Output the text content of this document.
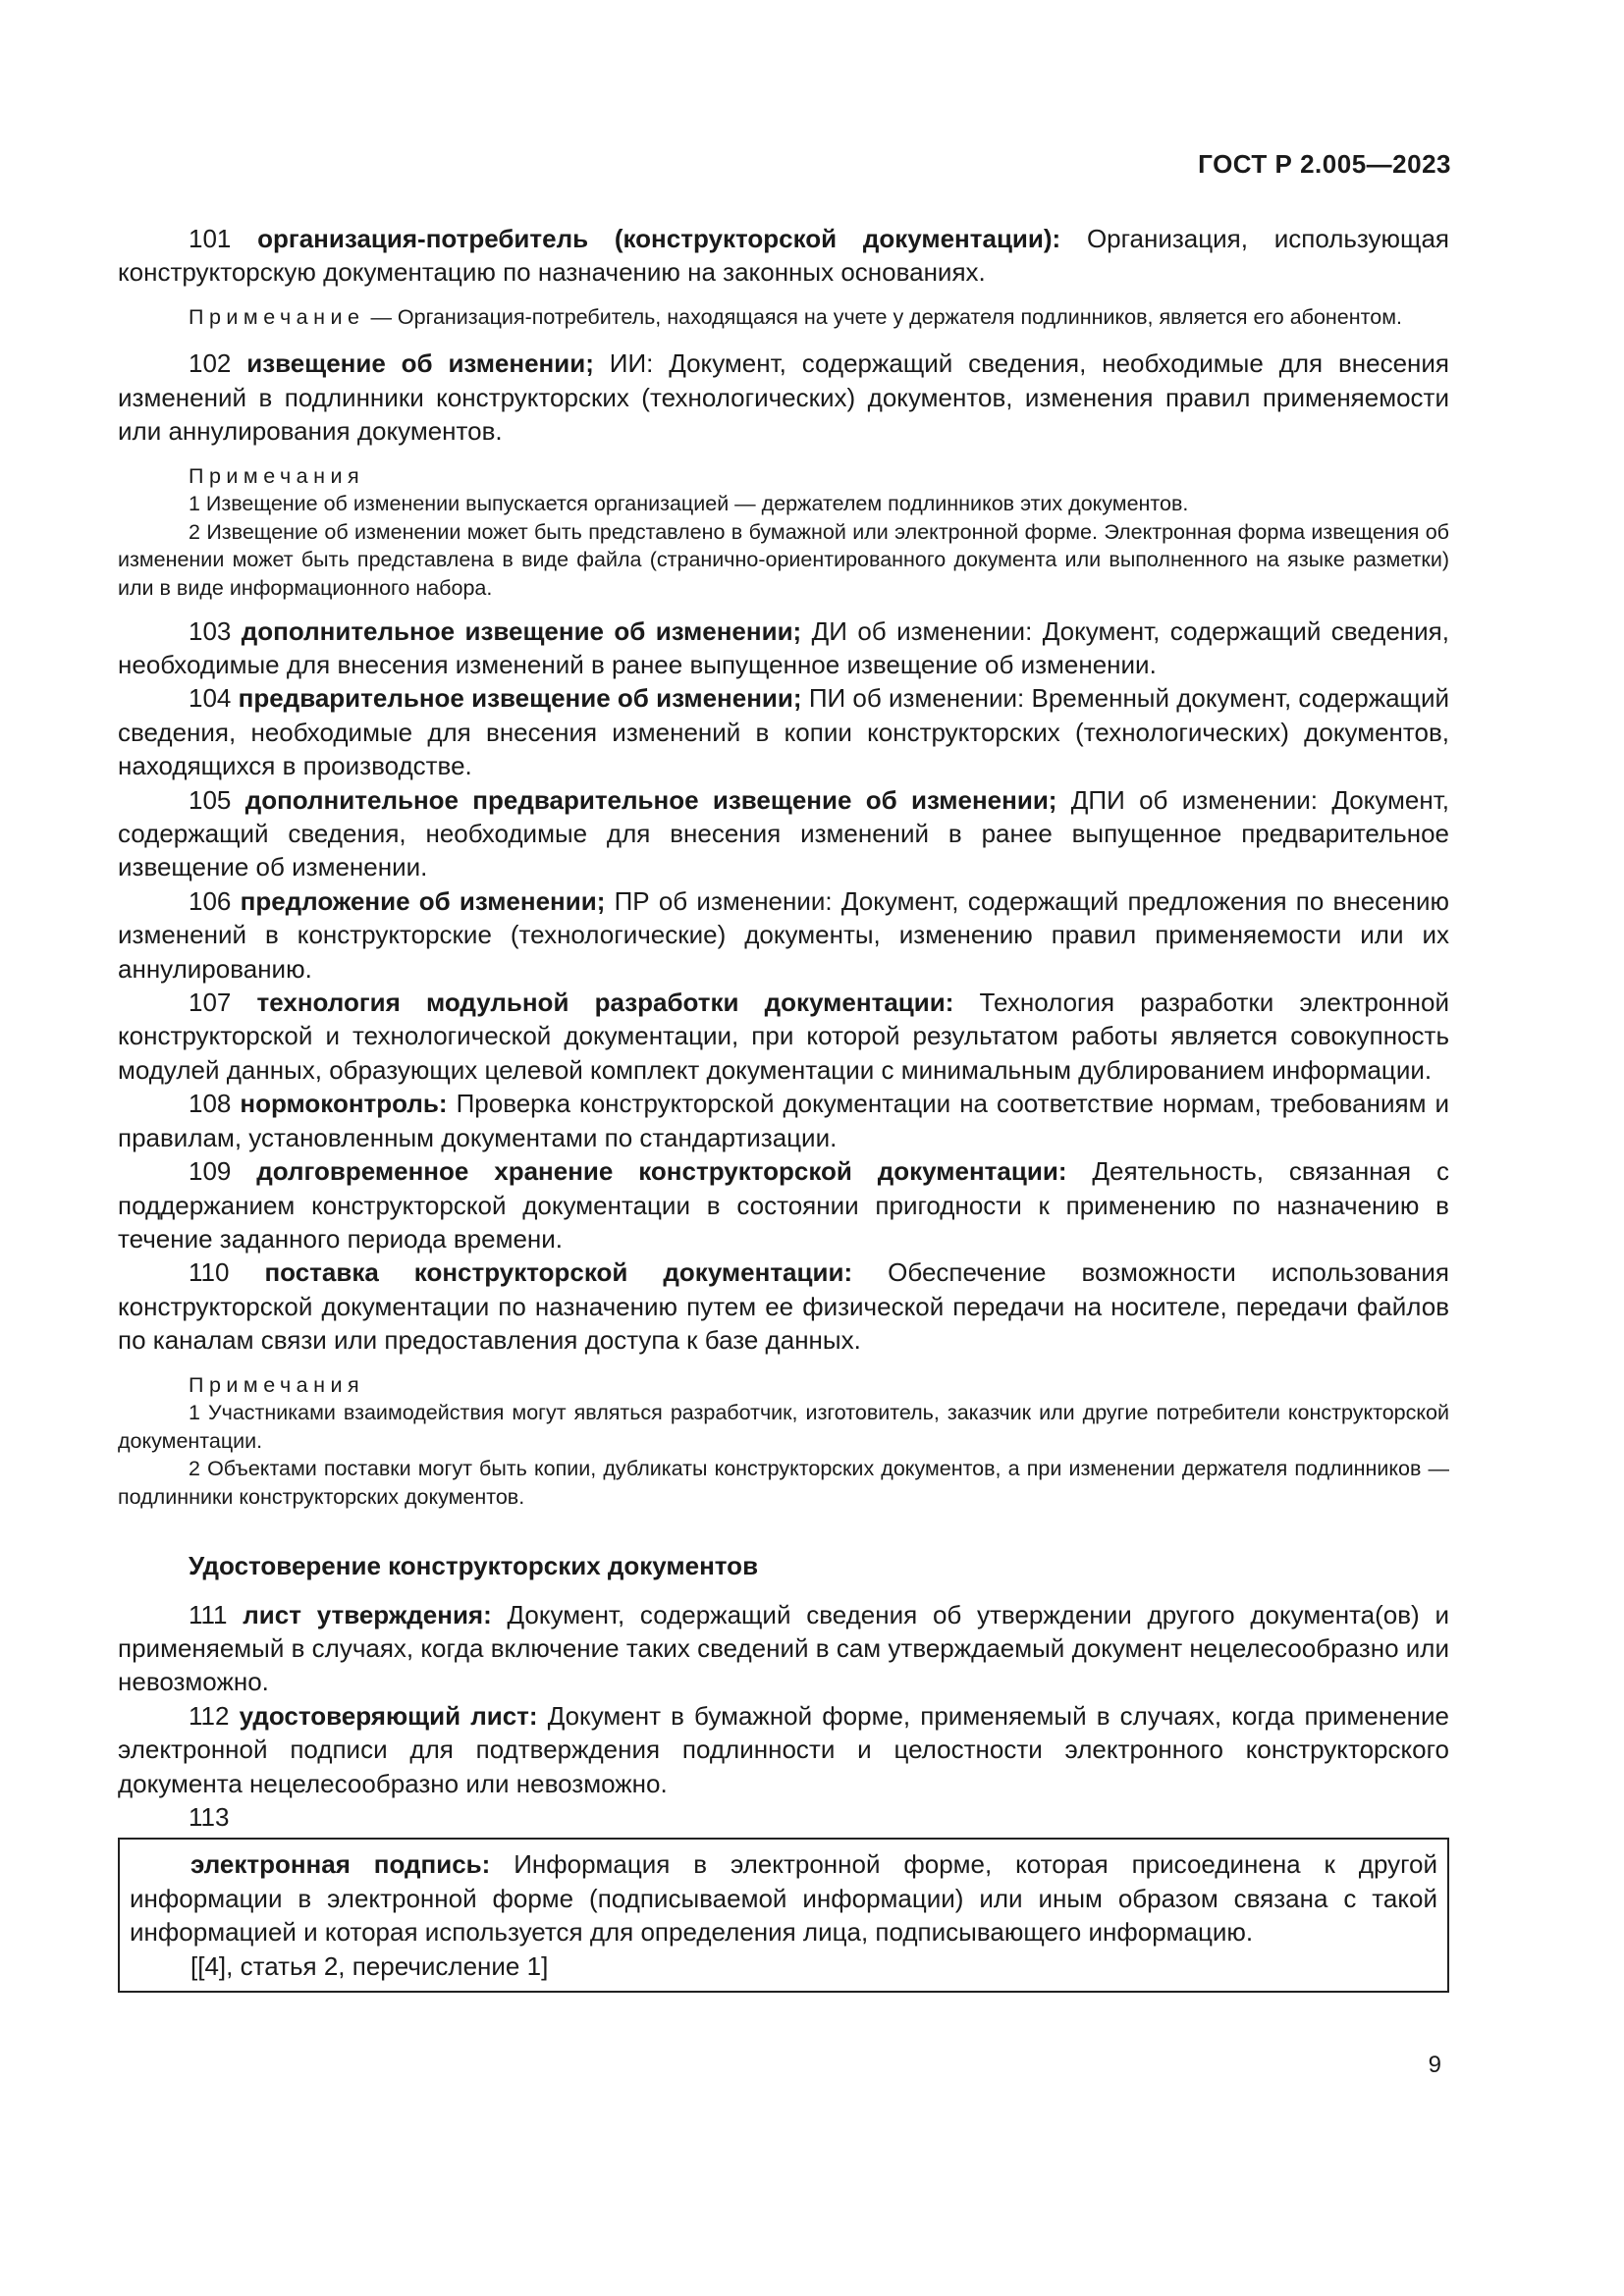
ГОСТ Р 2.005—2023

101 организация-потребитель (конструкторской документации): Организация, использующая конструкторскую документацию по назначению на законных основаниях.

Примечание — Организация-потребитель, находящаяся на учете у держателя подлинников, является его абонентом.

102 извещение об изменении; ИИ: Документ, содержащий сведения, необходимые для внесения изменений в подлинники конструкторских (технологических) документов, изменения правил применяемости или аннулирования документов.

Примечания

1 Извещение об изменении выпускается организацией — держателем подлинников этих документов.

2 Извещение об изменении может быть представлено в бумажной или электронной форме. Электронная форма извещения об изменении может быть представлена в виде файла (странично-ориентированного документа или выполненного на языке разметки) или в виде информационного набора.

103 дополнительное извещение об изменении; ДИ об изменении: Документ, содержащий сведения, необходимые для внесения изменений в ранее выпущенное извещение об изменении.

104 предварительное извещение об изменении; ПИ об изменении: Временный документ, содержащий сведения, необходимые для внесения изменений в копии конструкторских (технологических) документов, находящихся в производстве.

105 дополнительное предварительное извещение об изменении; ДПИ об изменении: Документ, содержащий сведения, необходимые для внесения изменений в ранее выпущенное предварительное извещение об изменении.

106 предложение об изменении; ПР об изменении: Документ, содержащий предложения по внесению изменений в конструкторские (технологические) документы, изменению правил применяемости или их аннулированию.

107 технология модульной разработки документации: Технология разработки электронной конструкторской и технологической документации, при которой результатом работы является совокупность модулей данных, образующих целевой комплект документации с минимальным дублированием информации.

108 нормоконтроль: Проверка конструкторской документации на соответствие нормам, требованиям и правилам, установленным документами по стандартизации.

109 долговременное хранение конструкторской документации: Деятельность, связанная с поддержанием конструкторской документации в состоянии пригодности к применению по назначению в течение заданного периода времени.

110 поставка конструкторской документации: Обеспечение возможности использования конструкторской документации по назначению путем ее физической передачи на носителе, передачи файлов по каналам связи или предоставления доступа к базе данных.

Примечания

1 Участниками взаимодействия могут являться разработчик, изготовитель, заказчик или другие потребители конструкторской документации.

2 Объектами поставки могут быть копии, дубликаты конструкторских документов, а при изменении держателя подлинников — подлинники конструкторских документов.

Удостоверение конструкторских документов

111 лист утверждения: Документ, содержащий сведения об утверждении другого документа(ов) и применяемый в случаях, когда включение таких сведений в сам утверждаемый документ нецелесообразно или невозможно.

112 удостоверяющий лист: Документ в бумажной форме, применяемый в случаях, когда применение электронной подписи для подтверждения подлинности и целостности электронного конструкторского документа нецелесообразно или невозможно.

113

электронная подпись: Информация в электронной форме, которая присоединена к другой информации в электронной форме (подписываемой информации) или иным образом связана с такой информацией и которая используется для определения лица, подписывающего информацию.

[[4], статья 2, перечисление 1]

9
